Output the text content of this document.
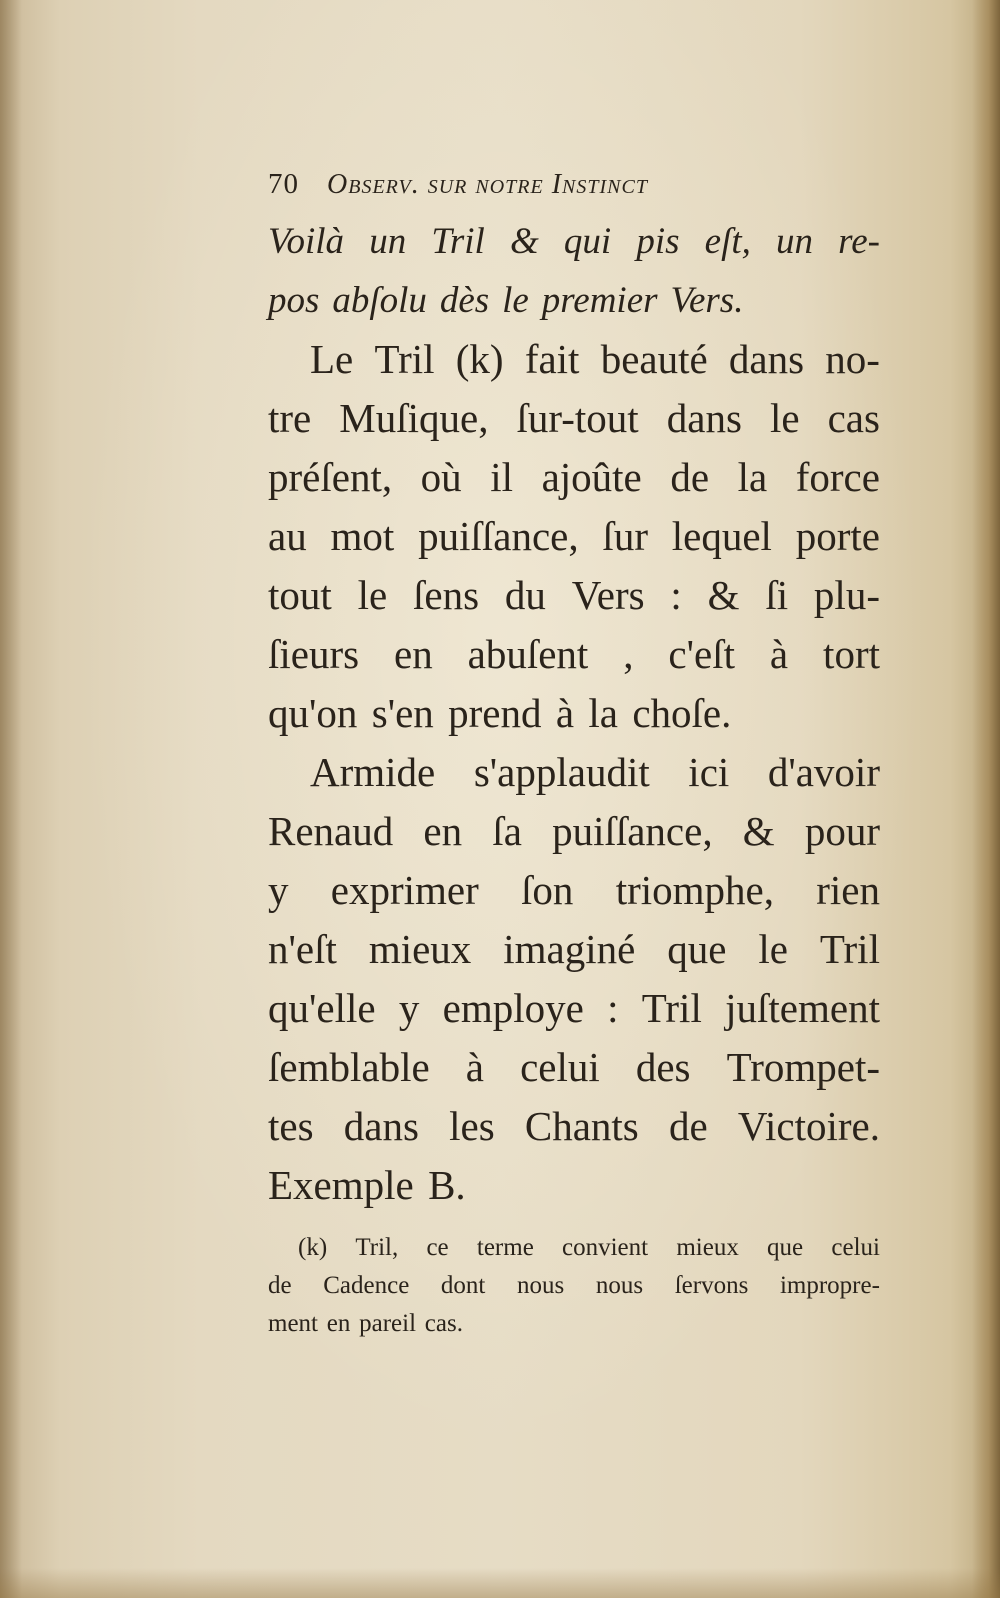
70 Observ. sur notre Instinct
Voilà un Tril & qui pis eſt, un re-
pos abſolu dès le premier Vers.
Le Tril (k) fait beauté dans no-
tre Muſique, ſur-tout dans le cas
préſent, où il ajoûte de la force
au mot puiſſance, ſur lequel porte
tout le ſens du Vers : & ſi plu-
ſieurs en abuſent , c'eſt à tort
qu'on s'en prend à la choſe.
Armide s'applaudit ici d'avoir
Renaud en ſa puiſſance, & pour
y exprimer ſon triomphe, rien
n'eſt mieux imaginé que le Tril
qu'elle y employe : Tril juſtement
ſemblable à celui des Trompet-
tes dans les Chants de Victoire.
Exemple B.
(k) Tril, ce terme convient mieux que celui
de Cadence dont nous nous ſervons impropre-
ment en pareil cas.
